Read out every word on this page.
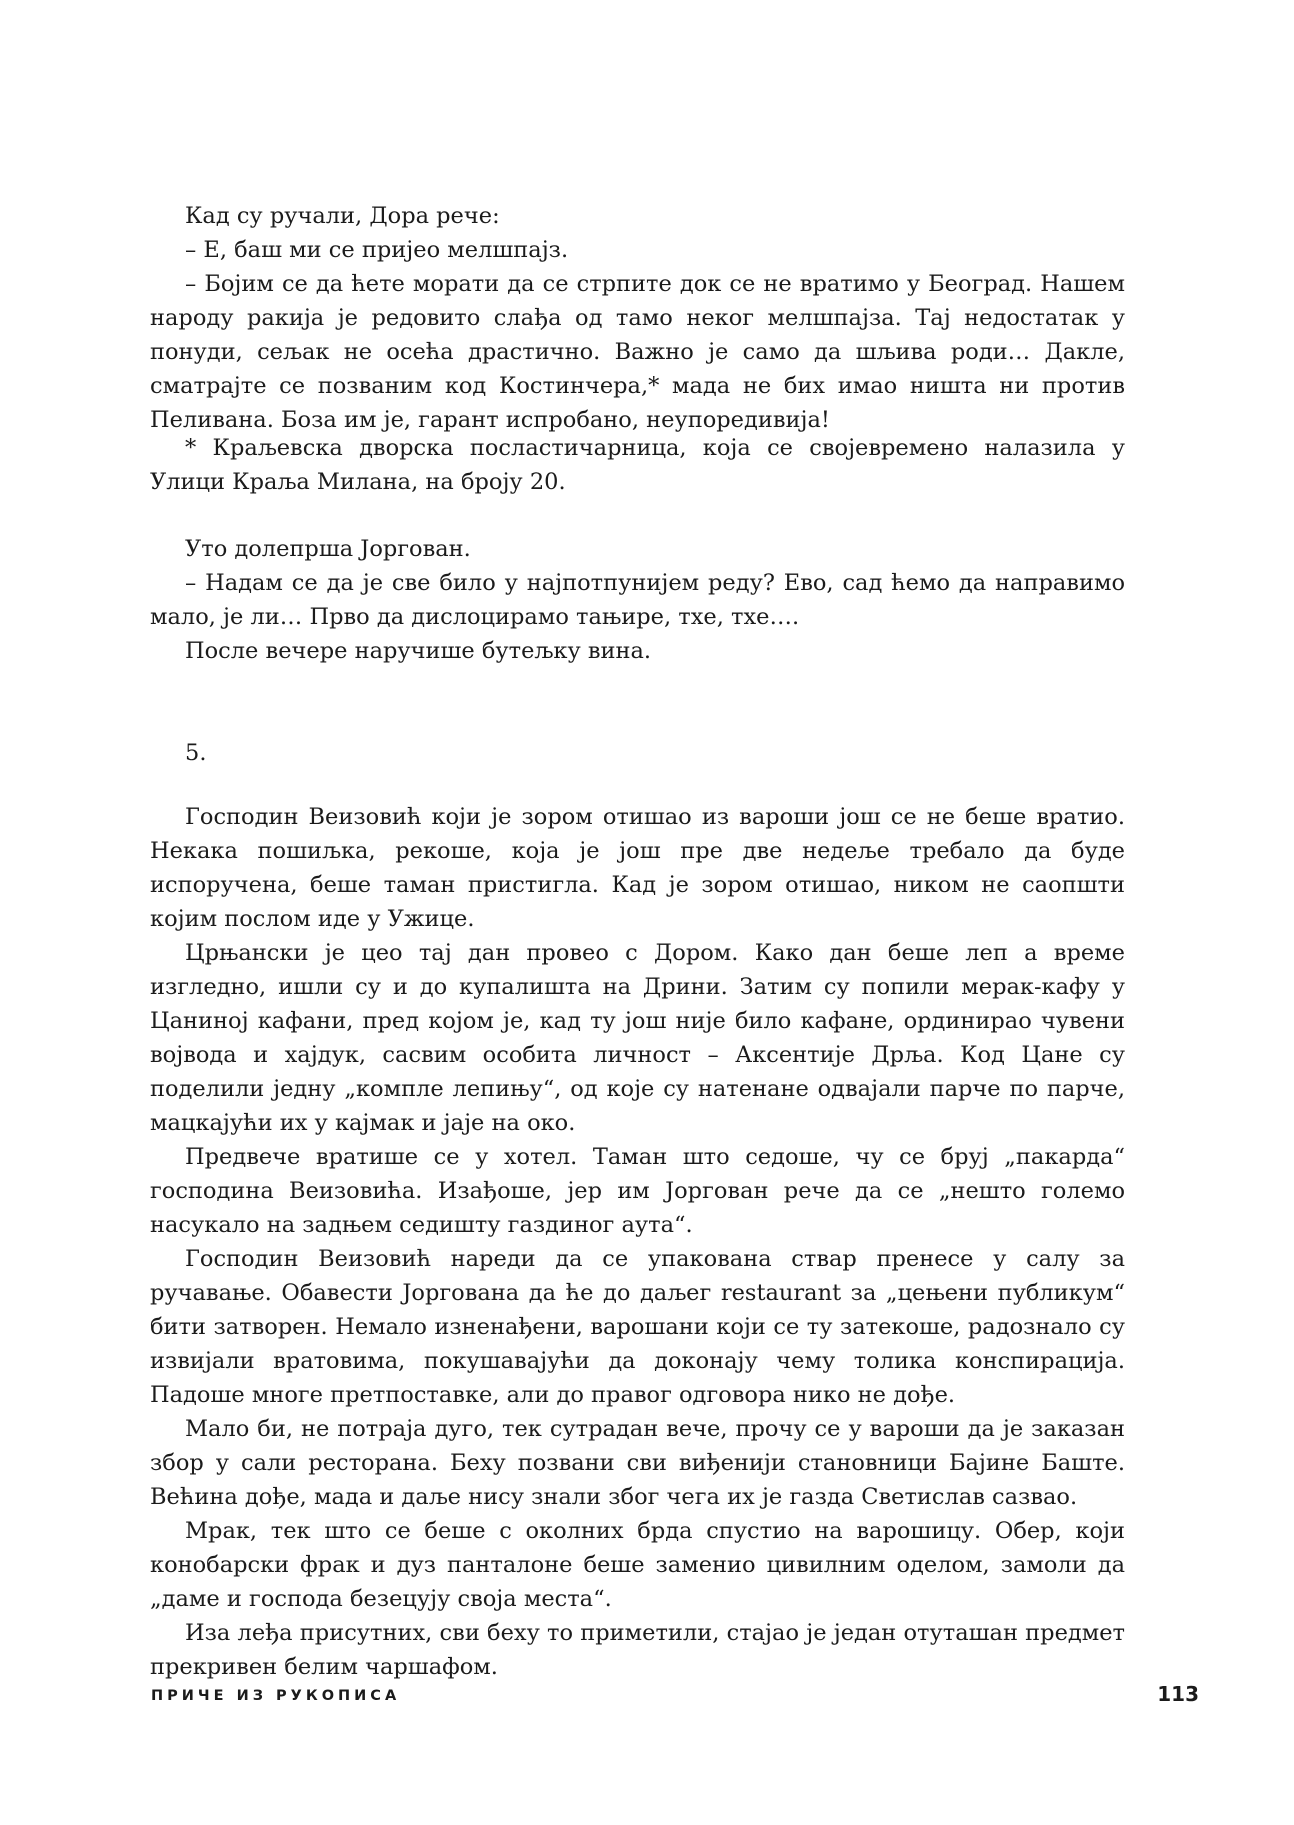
Кад су ручали, Дора рече:

– Е, баш ми се пријео мелшпајз.

– Бојим се да ћете морати да се стрпите док се не вратимо у Београд. Нашем народу ракија је редовито слађа од тамо неког мелшпајза. Тај недостатак у понуди, сељак не осећа драстично. Важно је само да шљива роди… Дакле, сматрајте се позваним код Костинчера,* мада не бих имао ништа ни против Пеливана. Боза им је, гарант испробано, неупоредивија!

* Краљевска дворска посластичарница, која се својевремено налазила у Улици Краља Милана, на броју 20.

Уто долепрша Јоргован.

– Надам се да је све било у најпотпунијем реду? Ево, сад ћемо да направимо мало, је ли… Прво да дислоцирамо тањире, тхе, тхе….

После вечере наручише бутељку вина.

5.

Господин Веизовић који је зором отишао из вароши још се не беше вратио. Некака пошиљка, рекоше, која је још пре две недеље требало да буде испоручена, беше таман пристигла. Кад је зором отишао, ником не саопшти којим послом иде у Ужице.

Црњански је цео тај дан провео с Дором. Како дан беше леп а време изгледно, ишли су и до купалишта на Дрини. Затим су попили мерак-кафу у Цаниној кафани, пред којом је, кад ту још није било кафане, ординирао чувени војвода и хајдук, сасвим особита личност – Аксентије Дрља. Код Цане су поделили једну „комплe лепињу“, од које су натенане одвајали парче по парче, мацкајући их у кајмак и јаје на око.

Предвече вратише се у хотел. Таман што седоше, чу се бруј „пакарда“ господина Веизовића. Изађоше, јер им Јоргован рече да се „нешто големо насукало на задњем седишту газдиног аута“.

Господин Веизовић нареди да се упакована ствар пренесе у салу за ручавање. Обавести Јорговaна да ће до даљег restaurant за „цењени публикум“ бити затворен. Немало изненађени, варошани који се ту затекоше, радознало су извијали вратовима, покушавајући да доконају чему толика конспирација. Падоше многе претпоставке, али до правог одговора нико не дође.

Мало би, не потраја дуго, тек сутрадан вече, прочу се у вароши да је заказан збор у сали ресторана. Беху позвани сви виђенији становници Бајине Баште. Већина дође, мада и даље нису знали због чега их је газда Светислав сазвао.

Мрак, тек што се беше с околних брда спустио на варошицу. Обер, који конобарски фрак и дуз панталоне беше заменио цивилним оделом, замоли да „даме и господа безецују своја места“.

Иза леђа присутних, сви беху то приметили, стајао је један отуташан предмет прекривен белим чаршафом.

ПРИЧЕ ИЗ РУКОПИСА	113
